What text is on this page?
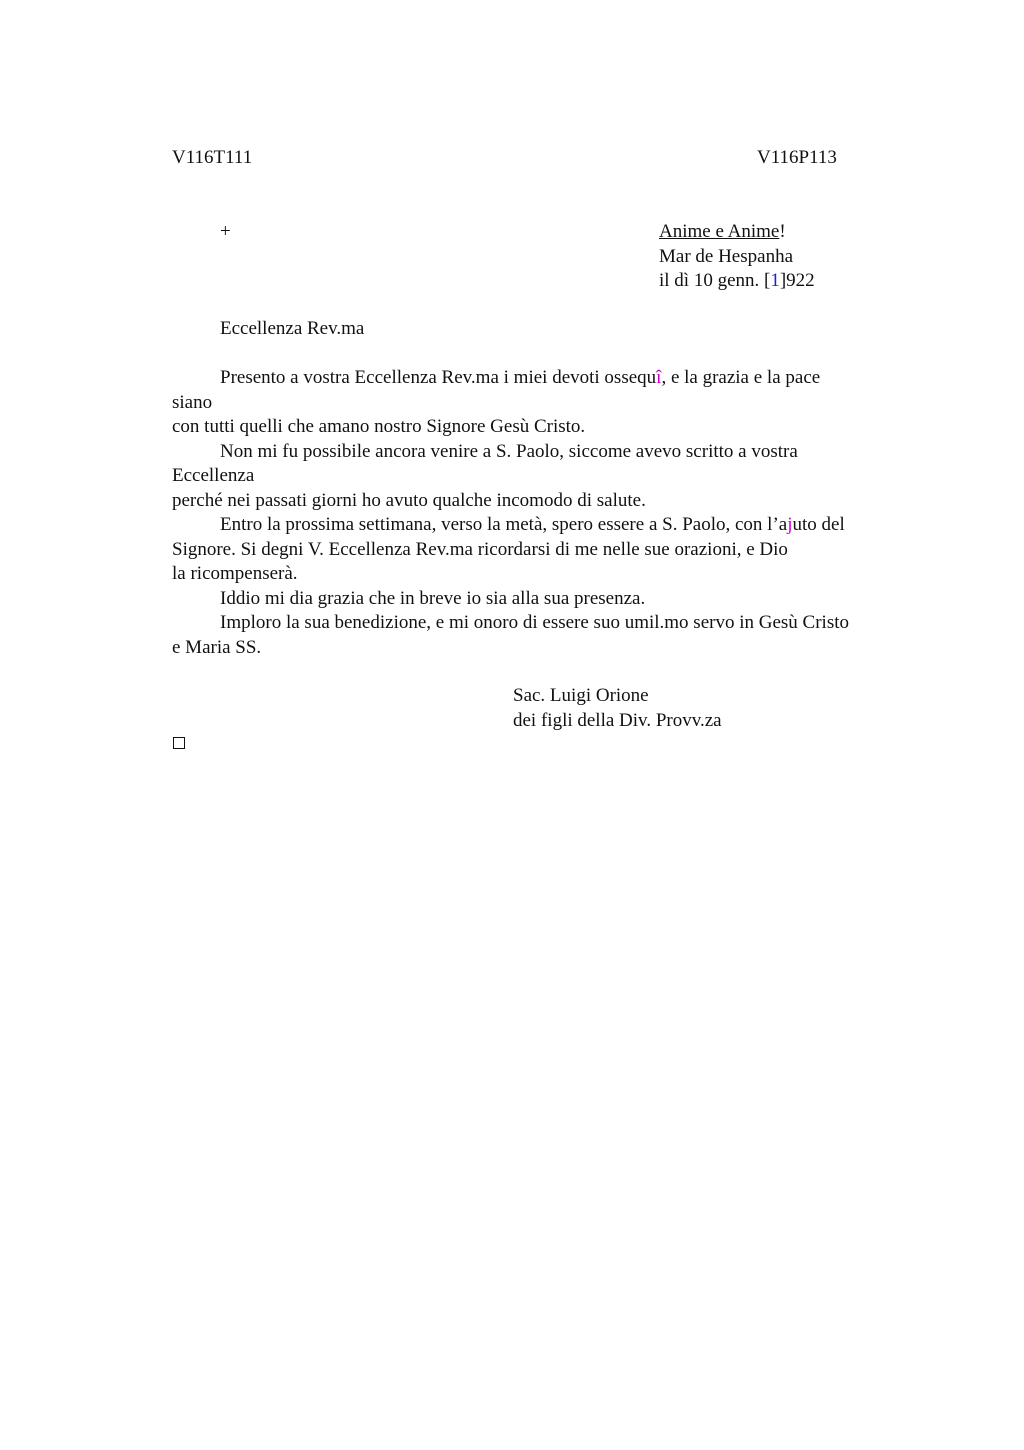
V116T111	V116P113
+	Anime e Anime!
Mar de Hespanha
il dì 10 genn. [1]922
Eccellenza Rev.ma
Presento a vostra Eccellenza Rev.ma i miei devoti ossequî, e la grazia e la pace
siano
con tutti quelli che amano nostro Signore Gesù Cristo.
Non mi fu possibile ancora venire a S. Paolo, siccome avevo scritto a vostra
Eccellenza
perché nei passati giorni ho avuto qualche incomodo di salute.
Entro la prossima settimana, verso la metà, spero essere a S. Paolo, con l’ajuto del
Signore. Si degni V. Eccellenza Rev.ma ricordarsi di me nelle sue orazioni, e Dio
la ricompenserà.
Iddio mi dia grazia che in breve io sia alla sua presenza.
Imploro la sua benedizione, e mi onoro di essere suo umil.mo servo in Gesù Cristo
e Maria SS.
Sac. Luigi Orione
dei figli della Div. Provv.za
